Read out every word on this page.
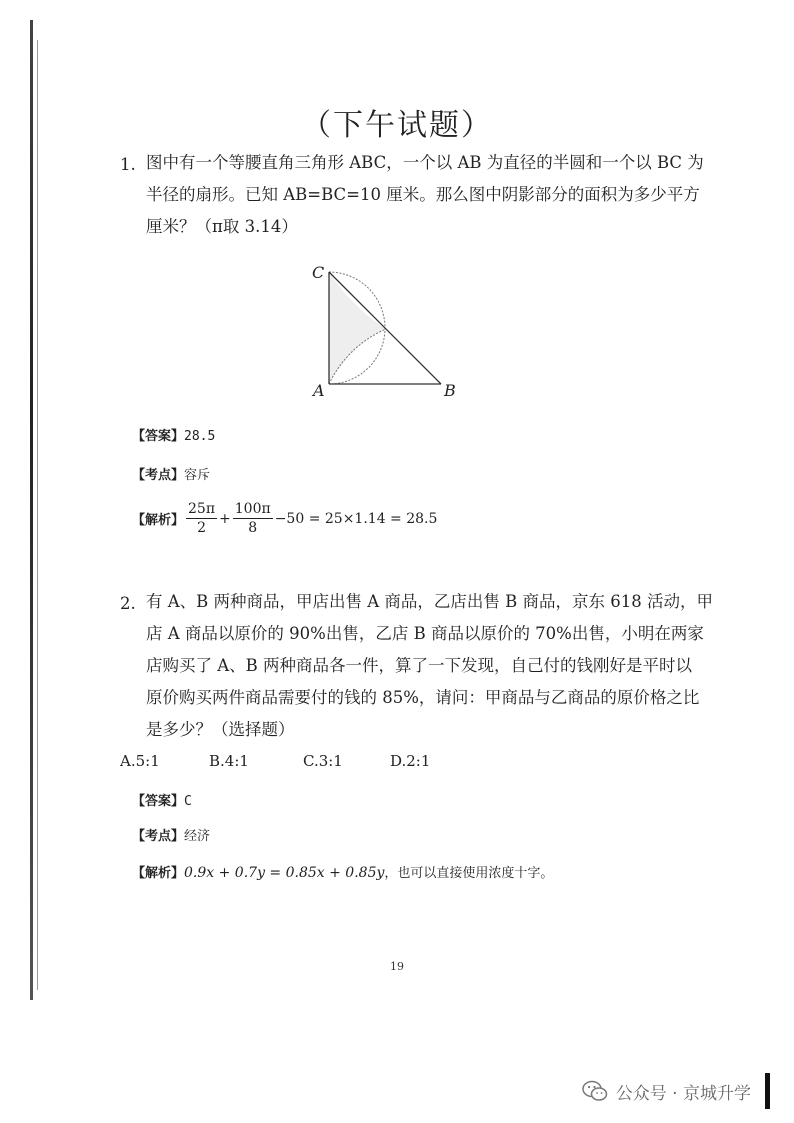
（下午试题）
1. 图中有一个等腰直角三角形 ABC，一个以 AB 为直径的半圆和一个以 BC 为
半径的扇形。已知 AB=BC=10 厘米。那么图中阴影部分的面积为多少平方
厘米？（π取 3.14）
C
A	B
【答案】28.5
【考点】容斥
【解析】 $\frac{25\pi}{2} + \frac{100\pi}{8} -50 = 25\times 1.14 = 28.5$
2. 有 A、B 两种商品，甲店出售 A 商品，乙店出售 B 商品，京东 618 活动，甲
店 A 商品以原价的 90%出售，乙店 B 商品以原价的 70%出售，小明在两家
店购买了 A、B 两种商品各一件，算了一下发现，自己付的钱刚好是平时以
原价购买两件商品需要付的钱的 85%，请问：甲商品与乙商品的原价格之比
是多少？（选择题）
A.5:1	B.4:1	C.3:1	D.2:1
【答案】C
【考点】经济
【解析】0.9x + 0.7y = 0.85x + 0.85y，也可以直接使用浓度十字。
19
公众号 · 京城升学
